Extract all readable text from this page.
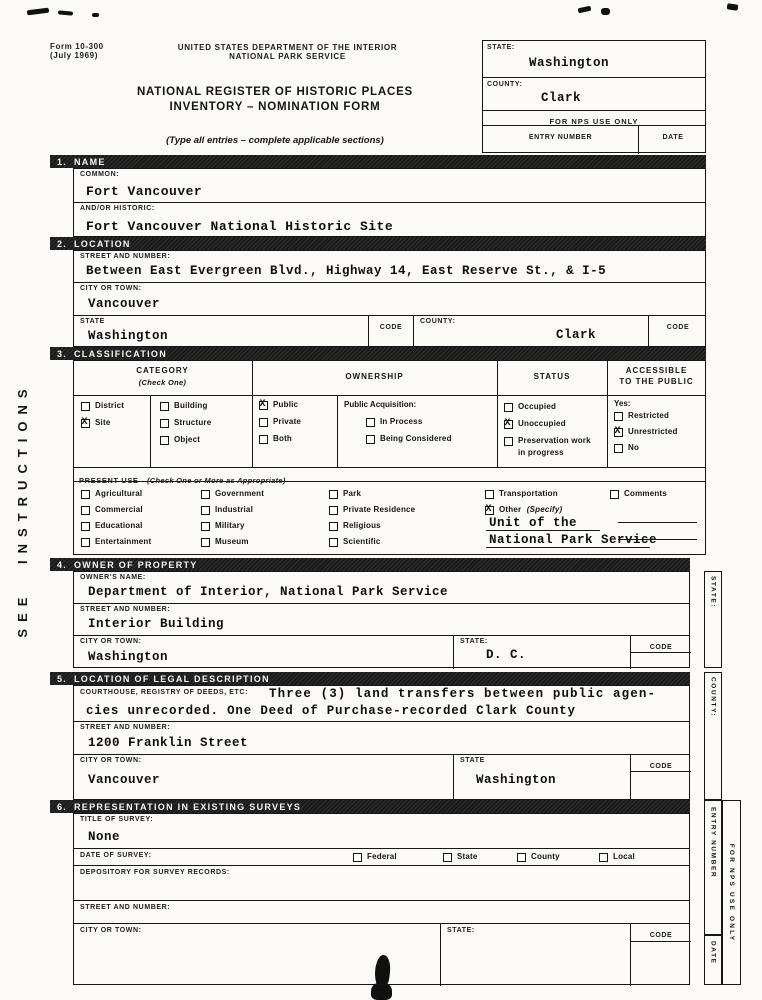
SEE INSTRUCTIONS
Form 10-300
(July 1969)
UNITED STATES DEPARTMENT OF THE INTERIOR
NATIONAL PARK SERVICE
NATIONAL REGISTER OF HISTORIC PLACES
INVENTORY – NOMINATION FORM
(Type all entries – complete applicable sections)
STATE:
Washington
COUNTY:
Clark
FOR NPS USE ONLY
ENTRY NUMBER	DATE
1. NAME
COMMON:
Fort Vancouver
AND/OR HISTORIC:
Fort Vancouver National Historic Site
2. LOCATION
STREET AND NUMBER:
Between East Evergreen Blvd., Highway 14, East Reserve St., & I-5
CITY OR TOWN:
Vancouver
STATE
Washington
CODE
COUNTY:
Clark
CODE
3. CLASSIFICATION
CATEGORY
(Check One)
OWNERSHIP	STATUS
ACCESSIBLE
TO THE PUBLIC
District
X
Site
Building
Structure
Object
X
Public
Private
Both
Public Acquisition:
In Process
Being Considered
Occupied
X
Unoccupied
Preservation work
in progress
Yes:
Restricted
X
Unrestricted
No
PRESENT USE (Check One or More as Appropriate)
Agricultural
Commercial
Educational
Entertainment
Government
Industrial
Military
Museum
Park
Private Residence
Religious
Scientific
Transportation
X
Other (Specify)
Comments
Unit of the
National Park Service
4. OWNER OF PROPERTY
OWNER'S NAME:
Department of Interior, National Park Service
STREET AND NUMBER:
Interior Building
CITY OR TOWN:
Washington
STATE:
D. C.
CODE
5. LOCATION OF LEGAL DESCRIPTION
COURTHOUSE, REGISTRY OF DEEDS, ETC: Three (3) land transfers between public agen-
cies unrecorded. One Deed of Purchase-recorded Clark County
STREET AND NUMBER:
1200 Franklin Street
CITY OR TOWN:
Vancouver
STATE
Washington
CODE
6. REPRESENTATION IN EXISTING SURVEYS
TITLE OF SURVEY:
None
DATE OF SURVEY:	Federal	State	County	Local
DEPOSITORY FOR SURVEY RECORDS:
STREET AND NUMBER:
CITY OR TOWN:	STATE:
CODE
STATE:
COUNTY:
ENTRY NUMBER
DATE
FOR NPS USE ONLY
